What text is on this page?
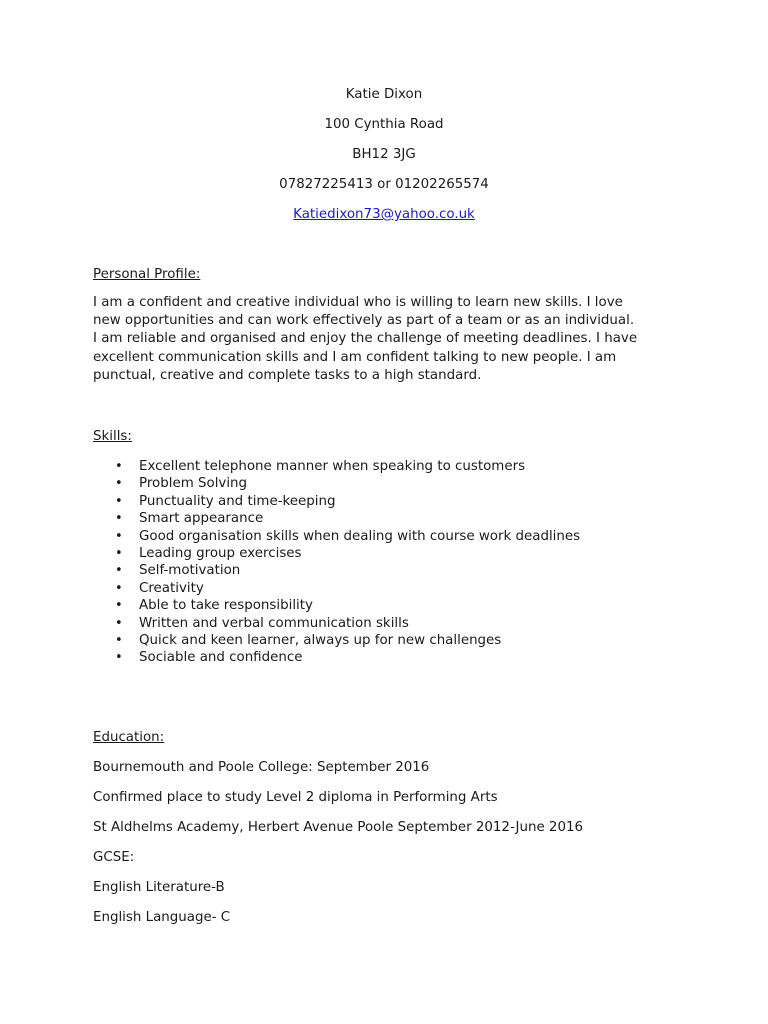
Katie Dixon
100 Cynthia Road
BH12 3JG
07827225413 or 01202265574
Katiedixon73@yahoo.co.uk
Personal Profile:
I am a confident and creative individual who is willing to learn new skills. I love
new opportunities and can work effectively as part of a team or as an individual.
I am reliable and organised and enjoy the challenge of meeting deadlines. I have
excellent communication skills and I am confident talking to new people. I am
punctual, creative and complete tasks to a high standard.
Skills:
• Excellent telephone manner when speaking to customers
• Problem Solving
• Punctuality and time-keeping
• Smart appearance
• Good organisation skills when dealing with course work deadlines
• Leading group exercises
• Self-motivation
• Creativity
• Able to take responsibility
• Written and verbal communication skills
• Quick and keen learner, always up for new challenges
• Sociable and confidence
Education:
Bournemouth and Poole College: September 2016
Confirmed place to study Level 2 diploma in Performing Arts
St Aldhelms Academy, Herbert Avenue Poole September 2012-June 2016
GCSE:
English Literature-B
English Language- C
